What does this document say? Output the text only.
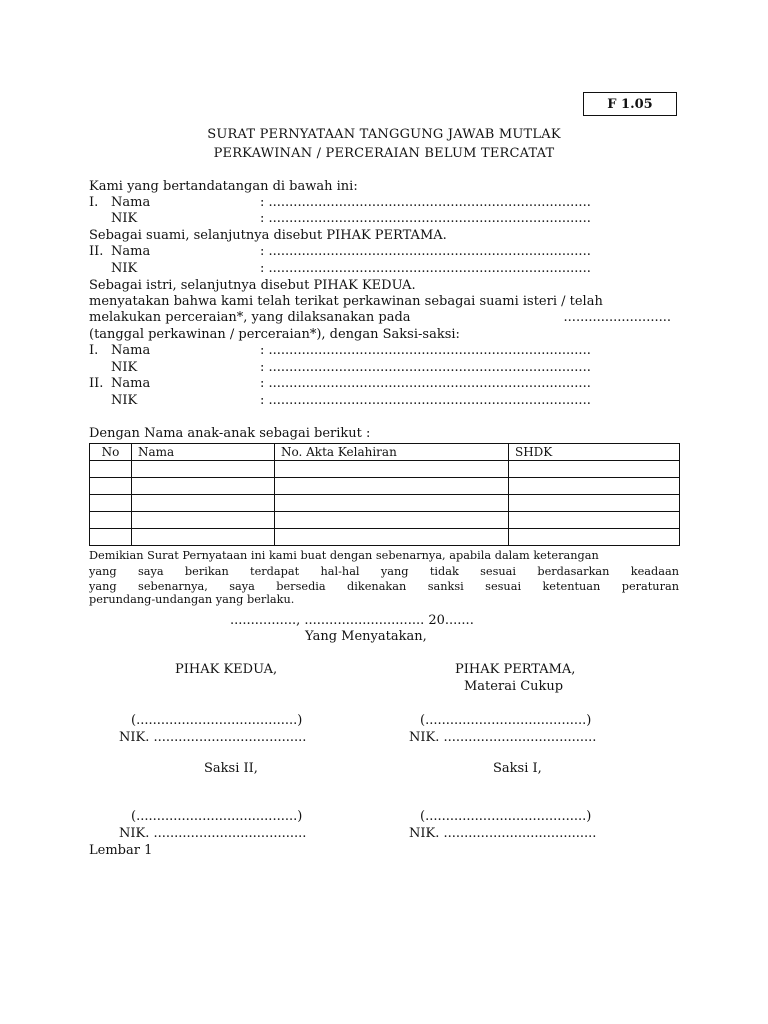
F 1.05
SURAT PERNYATAAN TANGGUNG JAWAB MUTLAK
PERKAWINAN / PERCERAIAN BELUM TERCATAT
Kami yang bertandatangan di bawah ini:
I. Nama	: ..............................................................................
NIK	: ..............................................................................
Sebagai suami, selanjutnya disebut PIHAK PERTAMA.
II. Nama	: ..............................................................................
NIK	: ..............................................................................
Sebagai istri, selanjutnya disebut PIHAK KEDUA.
menyatakan bahwa kami telah terikat perkawinan sebagai suami isteri / telah
melakukan perceraian*, yang dilaksanakan pada	..........................
(tanggal perkawinan / perceraian*), dengan Saksi-saksi:
I. Nama	: ..............................................................................
NIK	: ..............................................................................
II. Nama	: ..............................................................................
NIK	: ..............................................................................
Dengan Nama anak-anak sebagai berikut :
No	Nama	No. Akta Kelahiran	SHDK

Demikian Surat Pernyataan ini kami buat dengan sebenarnya, apabila dalam keterangan
yang saya berikan terdapat hal-hal yang tidak sesuai berdasarkan keadaan
yang sebenarnya, saya bersedia dikenakan sanksi sesuai ketentuan peraturan
perundang-undangan yang berlaku.
................, ............................. 20.......
Yang Menyatakan,
PIHAK KEDUA,	PIHAK PERTAMA,
Materai Cukup
(.......................................)	(.......................................)
NIK. .....................................	NIK. .....................................
Saksi II,	Saksi I,
(.......................................)	(.......................................)
NIK. .....................................	NIK. .....................................
Lembar 1
